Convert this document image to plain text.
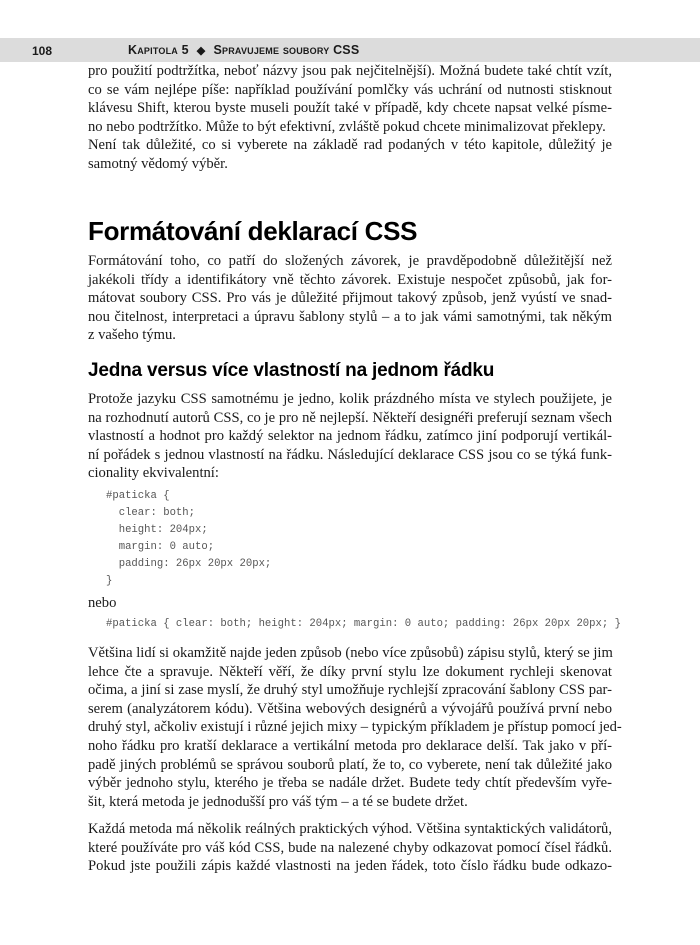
108	Kapitola 5 ◆ Spravujeme soubory CSS
pro použití podtržítka, neboť názvy jsou pak nejčitelnější). Možná budete také chtít vzít,
co se vám nejlépe píše: například používání pomlčky vás uchrání od nutnosti stisknout
klávesu Shift, kterou byste museli použít také v případě, kdy chcete napsat velké písme-
no nebo podtržítko. Může to být efektivní, zvláště pokud chcete minimalizovat překlepy.
Není tak důležité, co si vyberete na základě rad podaných v této kapitole, důležitý je
samotný vědomý výběr.
Formátování deklarací CSS
Formátování toho, co patří do složených závorek, je pravděpodobně důležitější než
jakékoli třídy a identifikátory vně těchto závorek. Existuje nespočet způsobů, jak for-
mátovat soubory CSS. Pro vás je důležité přijmout takový způsob, jenž vyústí ve snad-
nou čitelnost, interpretaci a úpravu šablony stylů – a to jak vámi samotnými, tak někým
z vašeho týmu.
Jedna versus více vlastností na jednom řádku
Protože jazyku CSS samotnému je jedno, kolik prázdného místa ve stylech použijete, je
na rozhodnutí autorů CSS, co je pro ně nejlepší. Někteří designéři preferují seznam všech
vlastností a hodnot pro každý selektor na jednom řádku, zatímco jiní podporují vertikál-
ní pořádek s jednou vlastností na řádku. Následující deklarace CSS jsou co se týká funk-
cionality ekvivalentní:
#paticka {
clear: both;
height: 204px;
margin: 0 auto;
padding: 26px 20px 20px;
}
nebo
#paticka { clear: both; height: 204px; margin: 0 auto; padding: 26px 20px 20px; }
Většina lidí si okamžitě najde jeden způsob (nebo více způsobů) zápisu stylů, který se jim
lehce čte a spravuje. Někteří věří, že díky první stylu lze dokument rychleji skenovat
očima, a jiní si zase myslí, že druhý styl umožňuje rychlejší zpracování šablony CSS par-
serem (analyzátorem kódu). Většina webových designérů a vývojářů používá první nebo
druhý styl, ačkoliv existují i různé jejich mixy – typickým příkladem je přístup pomocí jed-
noho řádku pro kratší deklarace a vertikální metoda pro deklarace delší. Tak jako v pří-
padě jiných problémů se správou souborů platí, že to, co vyberete, není tak důležité jako
výběr jednoho stylu, kterého je třeba se nadále držet. Budete tedy chtít především vyře-
šit, která metoda je jednodušší pro váš tým – a té se budete držet.
Každá metoda má několik reálných praktických výhod. Většina syntaktických validátorů,
které používáte pro váš kód CSS, bude na nalezené chyby odkazovat pomocí čísel řádků.
Pokud jste použili zápis každé vlastnosti na jeden řádek, toto číslo řádku bude odkazo-
